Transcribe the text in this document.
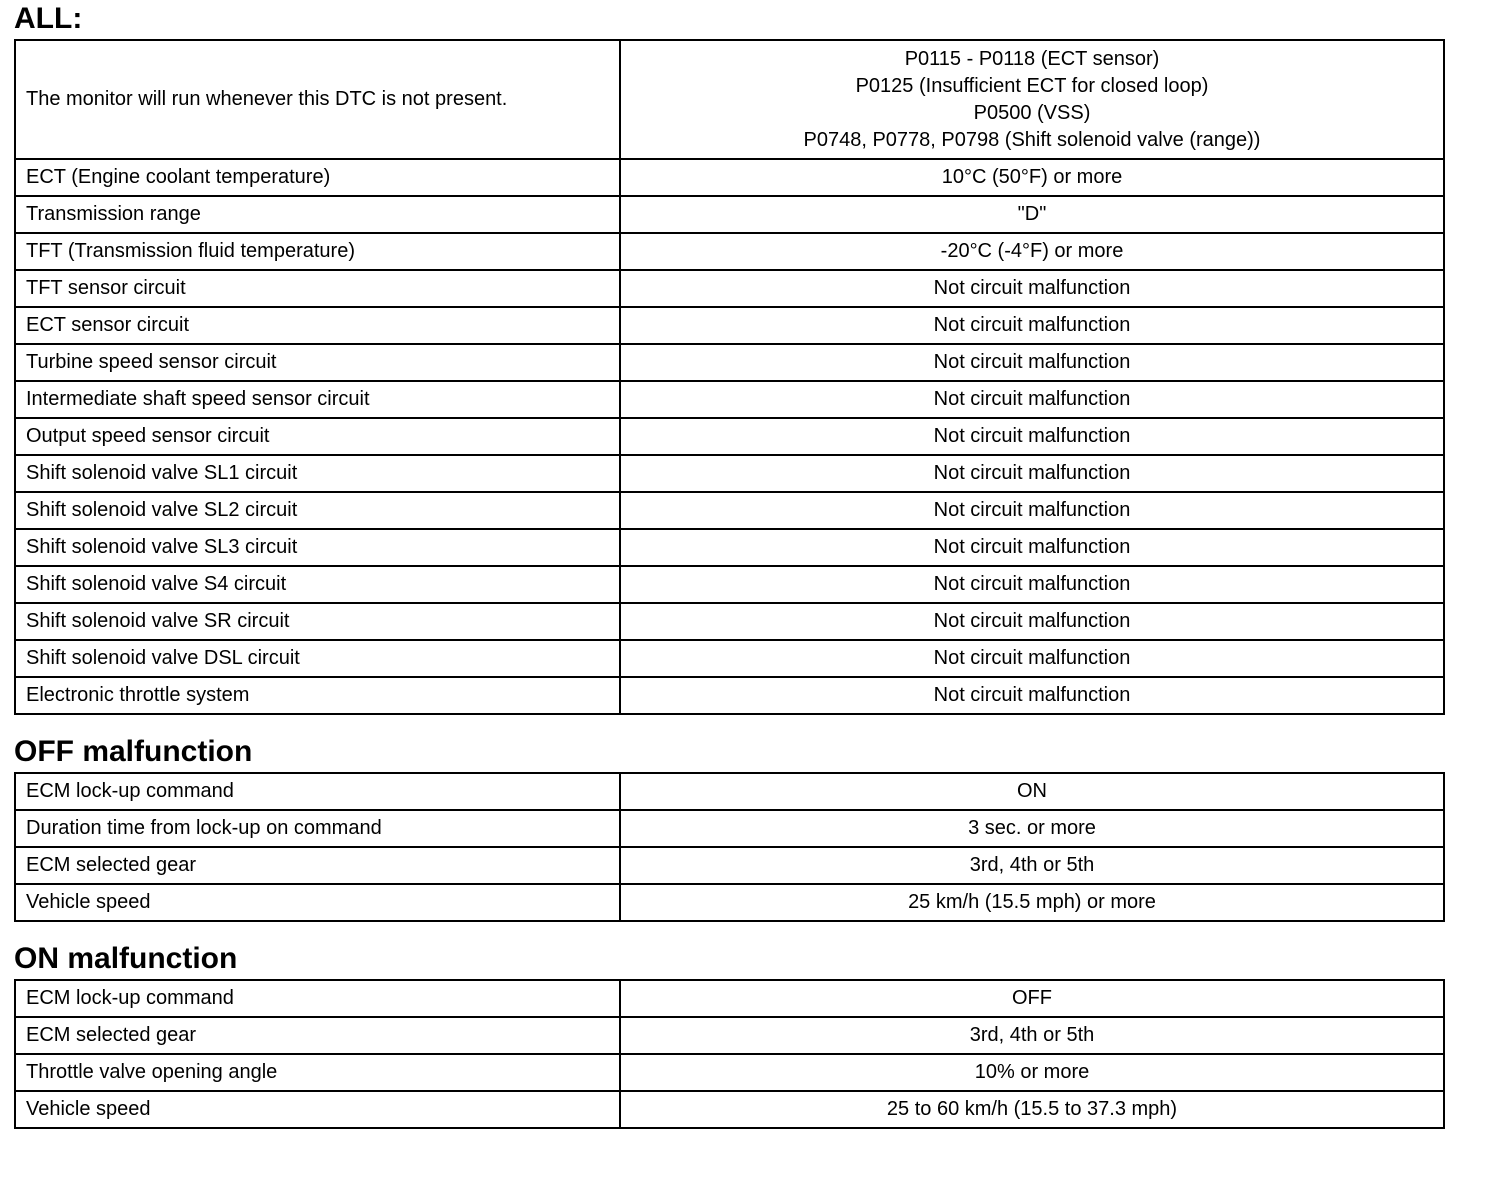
ALL:
The monitor will run whenever this DTC is not present.	P0115 - P0118 (ECT sensor)
P0125 (Insufficient ECT for closed loop)
P0500 (VSS)
P0748, P0778, P0798 (Shift solenoid valve (range))

ECT (Engine coolant temperature)	10°C (50°F) or more
Transmission range	"D"
TFT (Transmission fluid temperature)	-20°C (-4°F) or more
TFT sensor circuit	Not circuit malfunction
ECT sensor circuit	Not circuit malfunction
Turbine speed sensor circuit	Not circuit malfunction
Intermediate shaft speed sensor circuit	Not circuit malfunction
Output speed sensor circuit	Not circuit malfunction
Shift solenoid valve SL1 circuit	Not circuit malfunction
Shift solenoid valve SL2 circuit	Not circuit malfunction
Shift solenoid valve SL3 circuit	Not circuit malfunction
Shift solenoid valve S4 circuit	Not circuit malfunction
Shift solenoid valve SR circuit	Not circuit malfunction
Shift solenoid valve DSL circuit	Not circuit malfunction
Electronic throttle system	Not circuit malfunction
OFF malfunction
ECM lock-up command	ON
Duration time from lock-up on command	3 sec. or more
ECM selected gear	3rd, 4th or 5th
Vehicle speed	25 km/h (15.5 mph) or more
ON malfunction
ECM lock-up command	OFF
ECM selected gear	3rd, 4th or 5th
Throttle valve opening angle	10% or more
Vehicle speed	25 to 60 km/h (15.5 to 37.3 mph)
